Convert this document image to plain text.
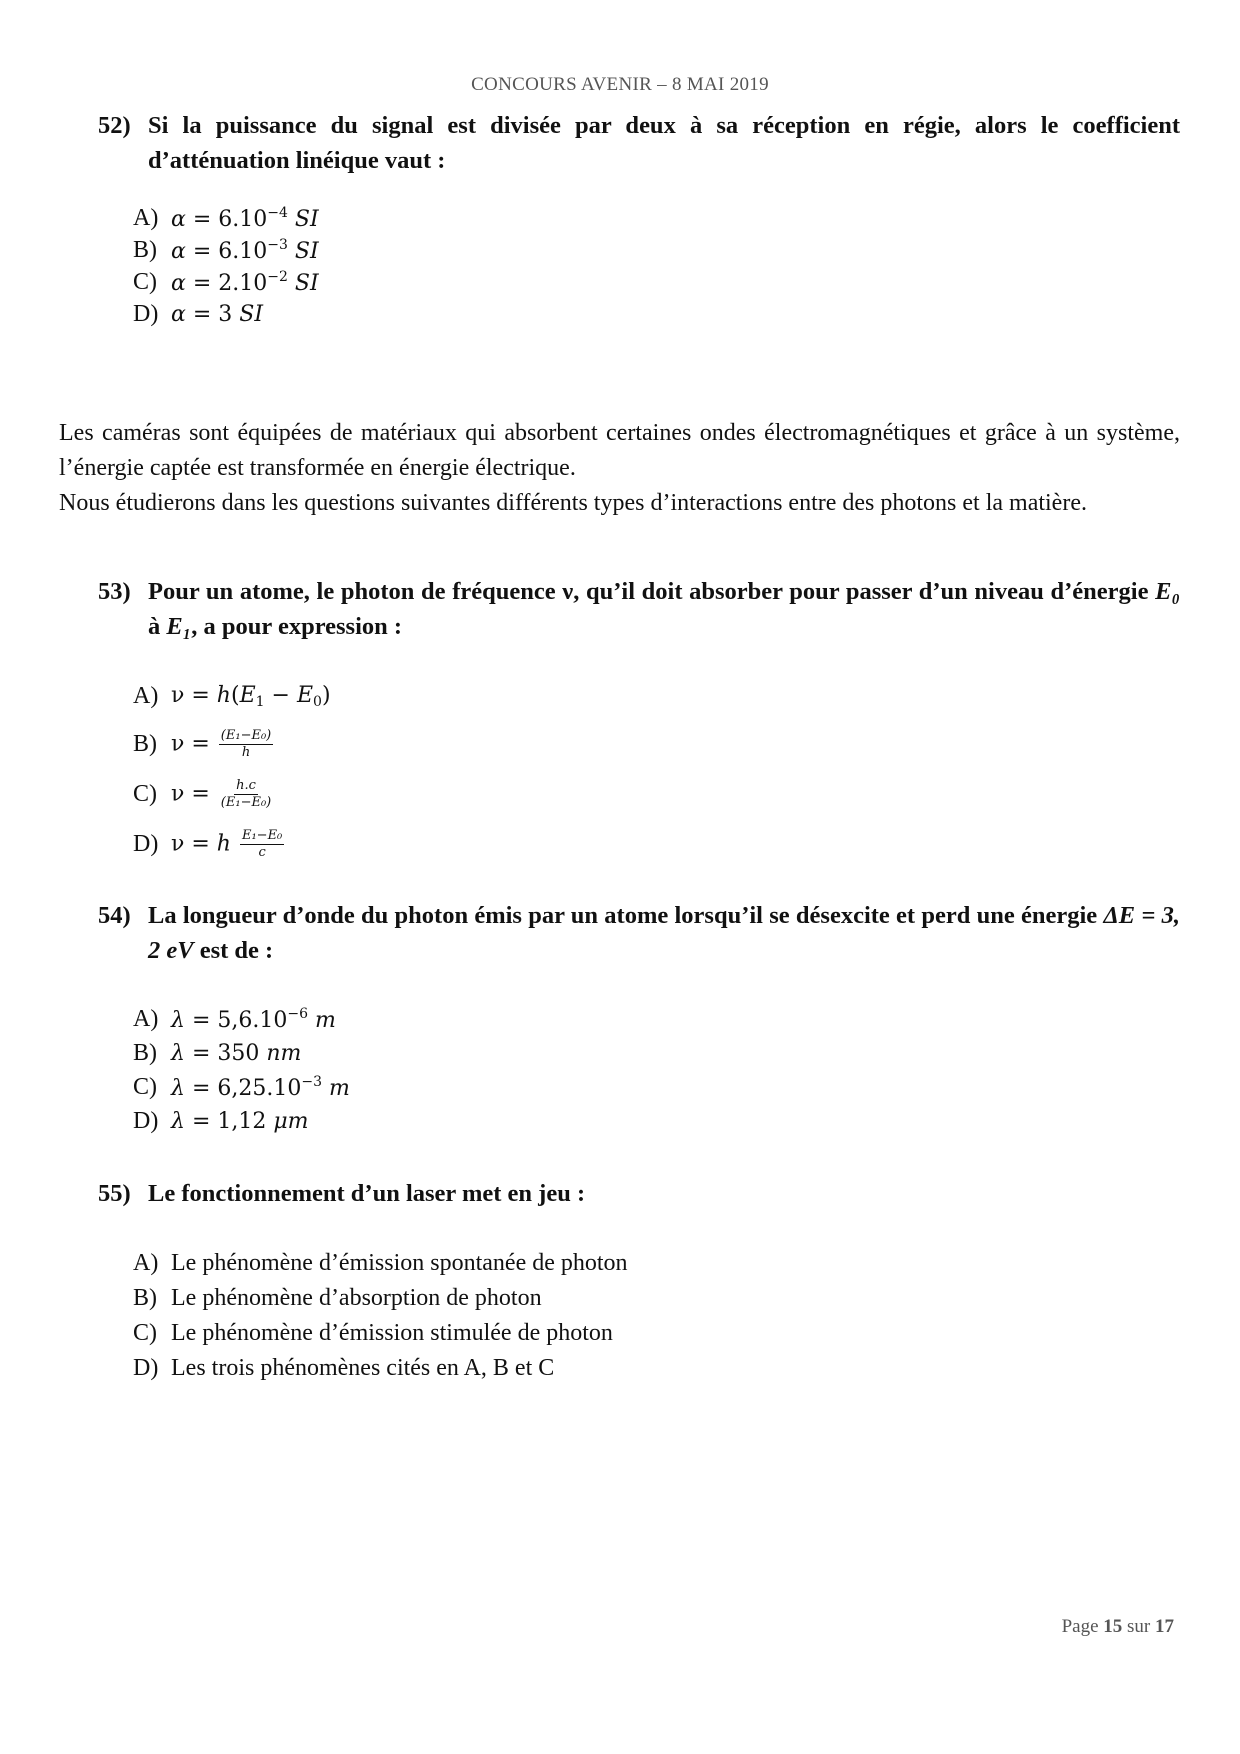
CONCOURS AVENIR – 8 MAI 2019
52) Si la puissance du signal est divisée par deux à sa réception en régie, alors le coefficient d’atténuation linéique vaut :
A) $\alpha = 6.10^{-4}$ SI
B) $\alpha = 6.10^{-3}$ SI
C) $\alpha = 2.10^{-2}$ SI
D) α = 3 SI

Les caméras sont équipées de matériaux qui absorbent certaines ondes électromagnétiques et grâce à un système, l’énergie captée est transformée en énergie électrique.

Nous étudierons dans les questions suivantes différents types d’interactions entre des photons et la matière.

53) Pour un atome, le photon de fréquence ν, qu’il doit absorber pour passer d’un niveau d’énergie E₀ à E₁, a pour expression :
A) $\nu = h(E_1 - E_0)$
B) $\nu = \frac{\text{(E₁−E₀)}}{h}$
C) $\nu = \frac{h.c}{\text{(E₁−E₀)}}$
D) ν = h $\frac{\text{E₁−E₀}}{c}$
54) La longueur d’onde du photon émis par un atome lorsqu’il se désexcite et perd une énergie ΔE = 3, 2 eV est de :
A) $\lambda = 5,6.10^{-6}$ m
B) λ = 350 nm
C) $\lambda = 6,25.10^{-3}$ m
D) λ = 1,12 μm
55) Le fonctionnement d’un laser met en jeu :
A) Le phénomène d’émission spontanée de photon
B) Le phénomène d’absorption de photon
C) Le phénomène d’émission stimulée de photon
D) Les trois phénomènes cités en A, B et C
Page 15 sur 17
